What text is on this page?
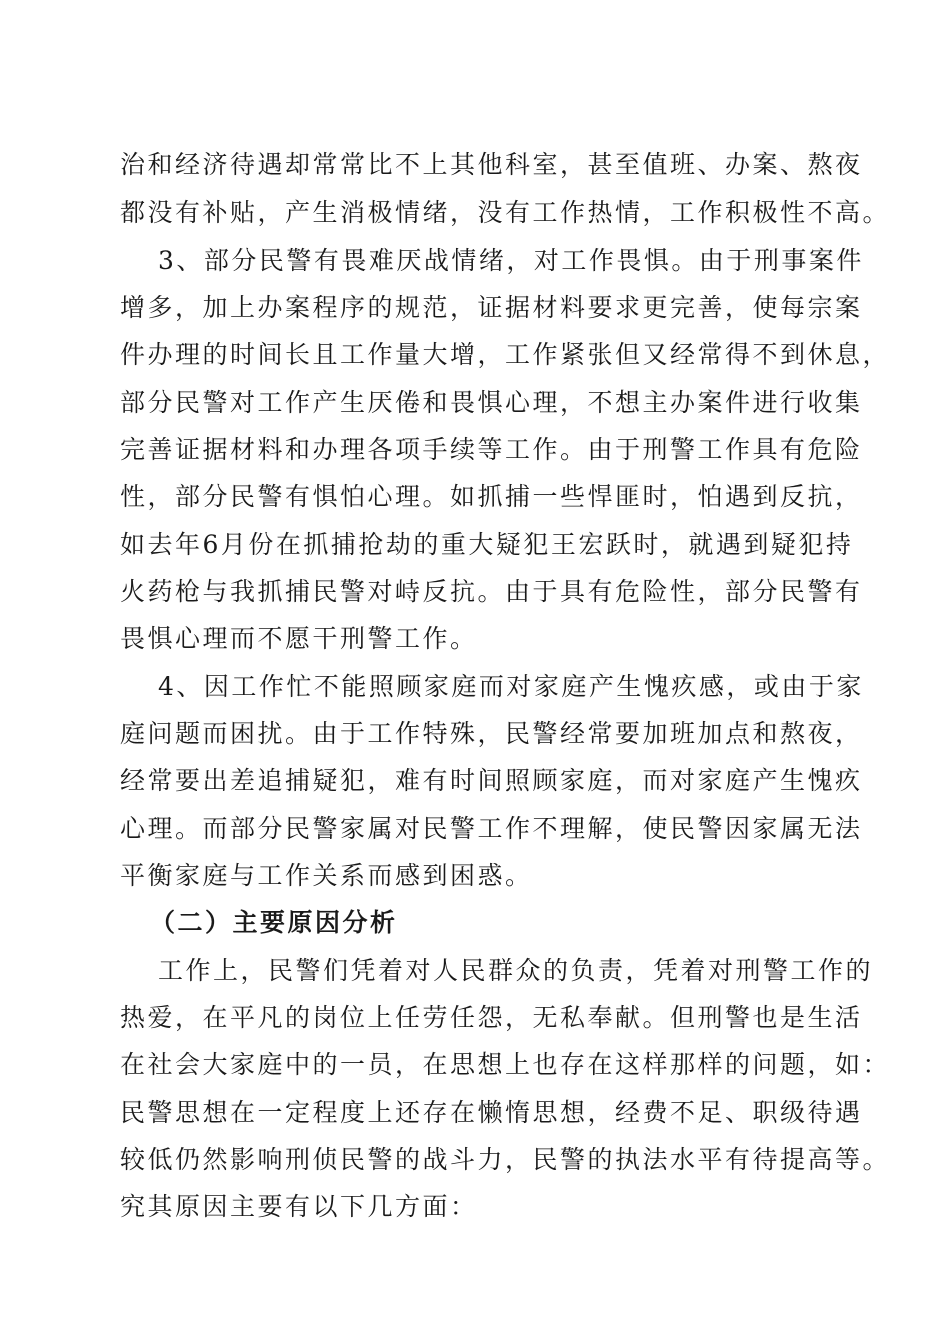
治和经济待遇却常常比不上其他科室，甚至值班、办案、熬夜
都没有补贴，产生消极情绪，没有工作热情，工作积极性不高。
3、部分民警有畏难厌战情绪，对工作畏惧。由于刑事案件
增多，加上办案程序的规范，证据材料要求更完善，使每宗案
件办理的时间长且工作量大增，工作紧张但又经常得不到休息，
部分民警对工作产生厌倦和畏惧心理，不想主办案件进行收集
完善证据材料和办理各项手续等工作。由于刑警工作具有危险
性，部分民警有惧怕心理。如抓捕一些悍匪时，怕遇到反抗，
如去年6月份在抓捕抢劫的重大疑犯王宏跃时，就遇到疑犯持
火药枪与我抓捕民警对峙反抗。由于具有危险性，部分民警有
畏惧心理而不愿干刑警工作。
4、因工作忙不能照顾家庭而对家庭产生愧疚感，或由于家
庭问题而困扰。由于工作特殊，民警经常要加班加点和熬夜，
经常要出差追捕疑犯，难有时间照顾家庭，而对家庭产生愧疚
心理。而部分民警家属对民警工作不理解，使民警因家属无法
平衡家庭与工作关系而感到困惑。
（二）主要原因分析
工作上，民警们凭着对人民群众的负责，凭着对刑警工作的
热爱，在平凡的岗位上任劳任怨，无私奉献。但刑警也是生活
在社会大家庭中的一员，在思想上也存在这样那样的问题，如：
民警思想在一定程度上还存在懒惰思想，经费不足、职级待遇
较低仍然影响刑侦民警的战斗力，民警的执法水平有待提高等。
究其原因主要有以下几方面：
